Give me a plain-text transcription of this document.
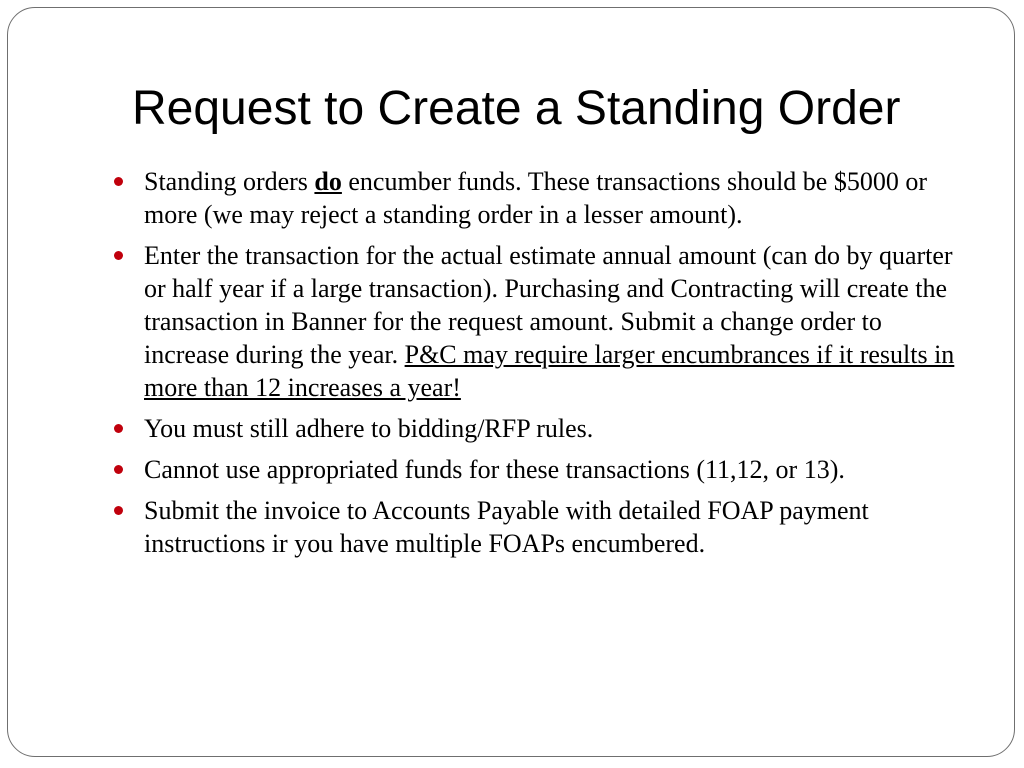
Request to Create a Standing Order
Standing orders do encumber funds. These transactions should be $5000 or more (we may reject a standing order in a lesser amount).
Enter the transaction for the actual estimate annual amount (can do by quarter or half year if a large transaction). Purchasing and Contracting will create the transaction in Banner for the request amount. Submit a change order to increase during the year. P&C may require larger encumbrances if it results in more than 12 increases a year!
You must still adhere to bidding/RFP rules.
Cannot use appropriated funds for these transactions (11,12, or 13).
Submit the invoice to Accounts Payable with detailed FOAP payment instructions ir you have multiple FOAPs encumbered.
